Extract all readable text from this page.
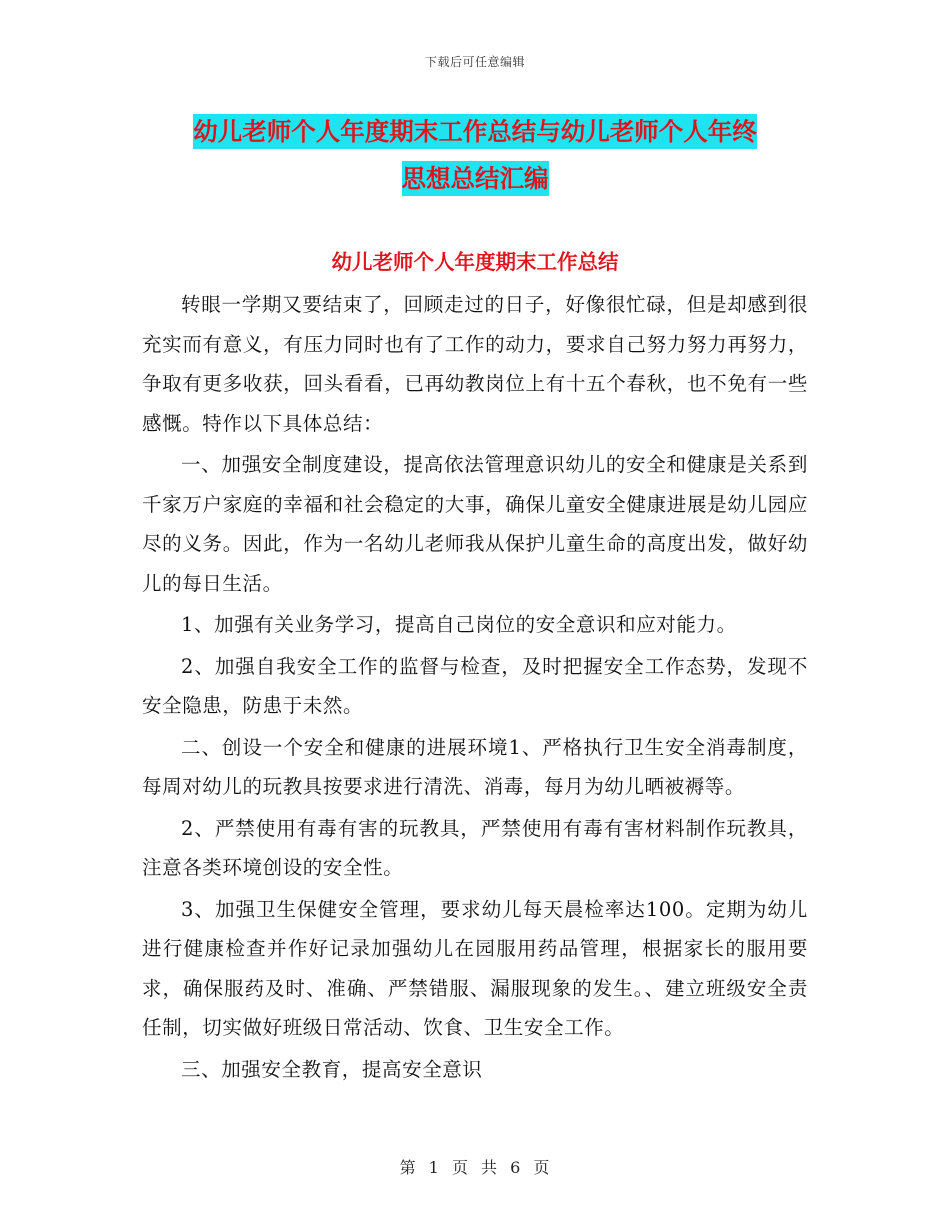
下载后可任意编辑
幼儿老师个人年度期末工作总结与幼儿老师个人年终
思想总结汇编
幼儿老师个人年度期末工作总结

转眼一学期又要结束了，回顾走过的日子，好像很忙碌，但是却感到很充实而有意义，有压力同时也有了工作的动力，要求自己努力努力再努力，争取有更多收获，回头看看，已再幼教岗位上有十五个春秋，也不免有一些感慨。特作以下具体总结：

一、加强安全制度建设，提高依法管理意识幼儿的安全和健康是关系到千家万户家庭的幸福和社会稳定的大事，确保儿童安全健康进展是幼儿园应尽的义务。因此，作为一名幼儿老师我从保护儿童生命的高度出发，做好幼儿的每日生活。

1、加强有关业务学习，提高自己岗位的安全意识和应对能力。

2、加强自我安全工作的监督与检查，及时把握安全工作态势，发现不安全隐患，防患于未然。

二、创设一个安全和健康的进展环境1、严格执行卫生安全消毒制度，每周对幼儿的玩教具按要求进行清洗、消毒，每月为幼儿晒被褥等。

2、严禁使用有毒有害的玩教具，严禁使用有毒有害材料制作玩教具，注意各类环境创设的安全性。

3、加强卫生保健安全管理，要求幼儿每天晨检率达100。定期为幼儿进行健康检查并作好记录加强幼儿在园服用药品管理，根据家长的服用要求，确保服药及时、准确、严禁错服、漏服现象的发生。、建立班级安全责任制，切实做好班级日常活动、饮食、卫生安全工作。

三、加强安全教育，提高安全意识

第 1 页 共 6 页
